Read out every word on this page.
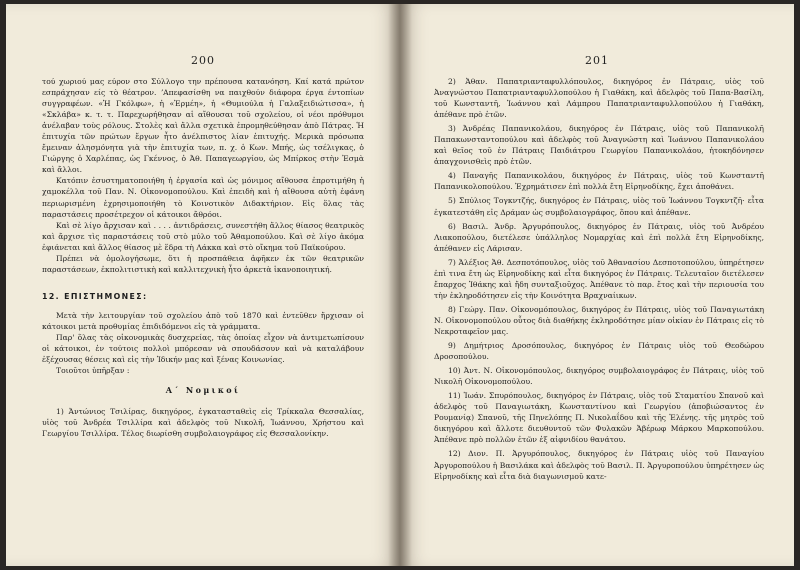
200

τού χωριού μας εύρον στο Σύλλογο την πρέπουσα κατανόηση. Καί κατά πρώτον εσπράχησαν είς τὸ θέατρον. ʼΑπεφασίσθη να παιχθούν διάφορα έργα έντοπίων συγγραφέων. «Ἡ Γκόλφω», ἡ «Ἐρμέη», ἡ «Θυμιούλα ἡ Γαλαξειδιώτισσα», ἡ «Σκλάβα» κ. τ. τ. Παρεχωρήθησαν αἱ αἴθουσαι τοῦ σχολείου, οἱ νέοι πρόθυμοι ἀνέλαβαν τοὺς ρόλους. Στολὲς καὶ ἄλλα σχετικὰ ἐπρομηθεύθησαν ἀπὸ Πάτρας. Ἡ ἐπιτυχία τῶν πρώτων ἔργων ἦτο ἀνέλπιστος λίαν ἐπιτυχής. Μερικὰ πρόσωπα ἔμειναν ἀλησμόνητα γιὰ τὴν ἐπιτυχία των, π. χ. ὁ Κων. Μπής, ὡς τσέλιγκας, ὁ Γιώργης ὁ Χαρλέπας, ὡς Γκέννος, ὁ Ἀθ. Παπαγεωργίου, ὡς Μπίρκος στὴν Ἐσμὰ καὶ ἄλλοι.

Κατόπιν ἐσυστηματοποιήθη ἡ ἐργασία καὶ ὡς μόνιμος αἴθουσα ἐπροτιμήθη ἡ χαμοκέλλα τοῦ Παν. Ν. Οἰκονομοπούλου. Καὶ ἐπειδὴ καὶ ἡ αἴθουσα αὐτὴ ἐφάνη περιωρισμένη ἐχρησιμοποιήθη τὸ Κοινοτικὸν Διδακτήριον. Εἰς ὅλας τὰς παραστάσεις προσέτρεχον οἱ κάτοικοι ἄθρόοι.

Καὶ σὲ λίγο ἄρχισαν καὶ . . . . ἀντιδράσεις, συνεστήθη ἄλλος θίασος θεατρικὸς καὶ ἄρχισε τὶς παραστάσεις τοῦ στὸ μύλο τοῦ Ἀθαμοπούλου. Καὶ σὲ λίγο ἀκόμα ἐφιάνεται καὶ ἄλλος θίασος μὲ ἕδρα τὴ Λάκκα καὶ στὸ οἴκημα τοῦ Παϊκούρου.

Πρέπει νὰ ὁμολογήσωμε, ὅτι ἡ προσπάθεια ἀφῆκεν ἐκ τῶν θεατρικῶν παραστάσεων, ἐκπολιτιστικὴ καὶ καλλιτεχνικὴ ἦτο ἀρκετὰ ἱκανοποιητική.

12. ΕΠΙΣΤΗΜΟΝΕΣ:

Μετὰ τὴν λειτουργίαν τοῦ σχολείου ἀπὸ τοῦ 1870 καὶ ἐντεῦθεν ἤρχισαν οἱ κάτοικοι μετὰ προθυμίας ἐπιδιδόμενοι εἰς τὰ γράμματα.

Παρ' ὅλας τὰς οἰκονομικὰς δυσχερείας, τὰς ὁποίας εἶχον νὰ ἀντιμετωπίσουν οἱ κάτοικοι, ἐν τούτοις πολλοὶ μπόρεσαν νὰ σπουδάσουν καὶ νὰ καταλάβουν ἐξέχουσας θέσεις καὶ εἰς τὴν Ἰδικήν μας καὶ ξένας Κοινωνίας.

Τοιοῦτοι ὑπῆρξαν :

Α΄ Νομικοί

1) Ἀντώνιος Τσιλίρας, δικηγόρος, ἐγκατασταθεὶς εἰς Τρίκκαλα Θεσσαλίας, υἱὸς τοῦ Ἀνδρέα Τσιλλίρα καὶ ἀδελφὸς τοῦ Νικολῆ, Ἰωάννου, Χρήστου καὶ Γεωργίου Τσιλλίρα. Τέλος διωρίσθη συμβολαιογράφος εἰς Θεσσαλονίκην.

201

2) Ἀθαν. Παπατριανταφυλλόπουλος, δικηγόρος ἐν Πάτραις, υἱὸς τοῦ Ἀναγνώστου Παπατριανταφυλλοπούλου ἡ Γιαθάκη, καὶ ἀδελφὸς τοῦ Παπα-Βασίλη, τοῦ Κωνσταντῆ, Ἰωάννου καὶ Λάμπρου Παπατριανταφυλλοπούλου ἡ Γιαθάκη, ἀπέθανε πρὸ ἐτῶν.

3) Ἀνδρέας Παπανικολάου, δικηγόρος ἐν Πάτραις, υἱὸς τοῦ Παπανικολῆ Παπακωνσταντοπούλου καὶ ἀδελφὸς τοῦ Ἀναγνώστη καὶ Ἰωάννου Παπανικολάου καὶ θεῖος τοῦ ἐν Πάτραις Παιδιάτρου Γεωργίου Παπανικολάου, ἠτοκηδόνησεν ἀπαγχονισθεὶς πρὸ ἐτῶν.

4) Παναγῆς Παπανικολάου, δικηγόρος ἐν Πάτραις, υἱὸς τοῦ Κωνσταντῆ Παπανικολοπούλου. Ἐχρημάτισεν ἐπὶ πολλὰ ἔτη Εἰρηνοδίκης, ἔχει ἀποθάνει.

5) Σπύλιος Τογκντζής, δικηγόρος ἐν Πάτραις, υἱὸς τοῦ Ἰωάννου Τογκντζῆ· εἶτα ἐγκατεστάθη εἰς Δράμαν ὡς συμβολαιογράφος, ὅπου καὶ ἀπέθανε.

6) Βασιλ. Ἀνδρ. Ἀργυρόπουλος, δικηγόρος ἐν Πάτραις, υἱὸς τοῦ Ἀνδρέου Λιακοπούλου, διετέλεσε ὑπάλληλος Νομαρχίας καὶ ἐπὶ πολλὰ ἔτη Εἰρηνοδίκης, ἀπέθανεν εἰς Λάρισαν.

7) Ἀλέξιος Ἀθ. Δεσποτόπουλος, υἱὸς τοῦ Ἀθανασίου Δεσποτοπούλου, ὑπηρέτησεν ἐπὶ τινα ἔτη ὡς Εἰρηνοδίκης καὶ εἶτα δικηγόρος ἐν Πάτραις. Τελευταῖον διετέλεσεν ἔπαρχος Ἰθάκης καὶ ἤδη συνταξιοῦχος. Ἀπέθανε τὸ παρ. ἔτος καὶ τὴν περιουσία του τὴν ἐκληροδότησεν εἰς τὴν Κοινότητα Βραχναίικων.

8) Γεώργ. Παν. Οἰκονομόπουλος, δικηγόρος ἐν Πάτραις, υἱὸς τοῦ Παναγιωτάκη Ν. Οἰκονομοπούλου οὗτος διὰ διαθήκης ἐκληροδότησε μίαν οἰκίαν ἐν Πάτραις εἰς τὸ Νεκροταφεῖον μας.

9) Δημήτριος Δροσόπουλος, δικηγόρος ἐν Πάτραις υἱὸς τοῦ Θεοδώρου Δροσοπούλου.

10) Ἀντ. Ν. Οἰκονομόπουλος, δικηγόρος συμβολαιογράφος ἐν Πάτραις, υἱὸς τοῦ Νικολῆ Οἰκονομοπούλου.

11) Ἰωάν. Σπυρόπουλος, δικηγόρος ἐν Πάτραις, υἱὸς τοῦ Σταματίου Σπανοῦ καὶ ἀδελφὸς τοῦ Παναγιωτάκη, Κωνσταντίνου καὶ Γεωργίου (ἀποβιώσαντος ἐν Ρουμανίᾳ) Σπανοῦ, τῆς Πηνελόπης Π. Νικολαΐδου καὶ τῆς Ἑλένης. τῆς μητρὸς τοῦ δικηγόρου καὶ ἄλλοτε διευθυντοῦ τῶν Φυλακῶν Ἀβέρωφ Μάρκου Μαρκοπούλου. Ἀπέθανε πρὸ πολλῶν ἐτῶν ἐξ αἰφνιδίου θανάτου.

12) Διον. Π. Ἀργυρόπουλος, δικηγόρος ἐν Πάτραις υἱὸς τοῦ Παναγίου Ἀργυροπούλου ἡ Βασιλάκα καὶ ἀδελφὸς τοῦ Βασιλ. Π. Ἀργυροπούλου ὑπηρέτησεν ὡς Εἰρηνοδίκης καὶ εἶτα διὰ διαγωνισμοῦ κατε-
